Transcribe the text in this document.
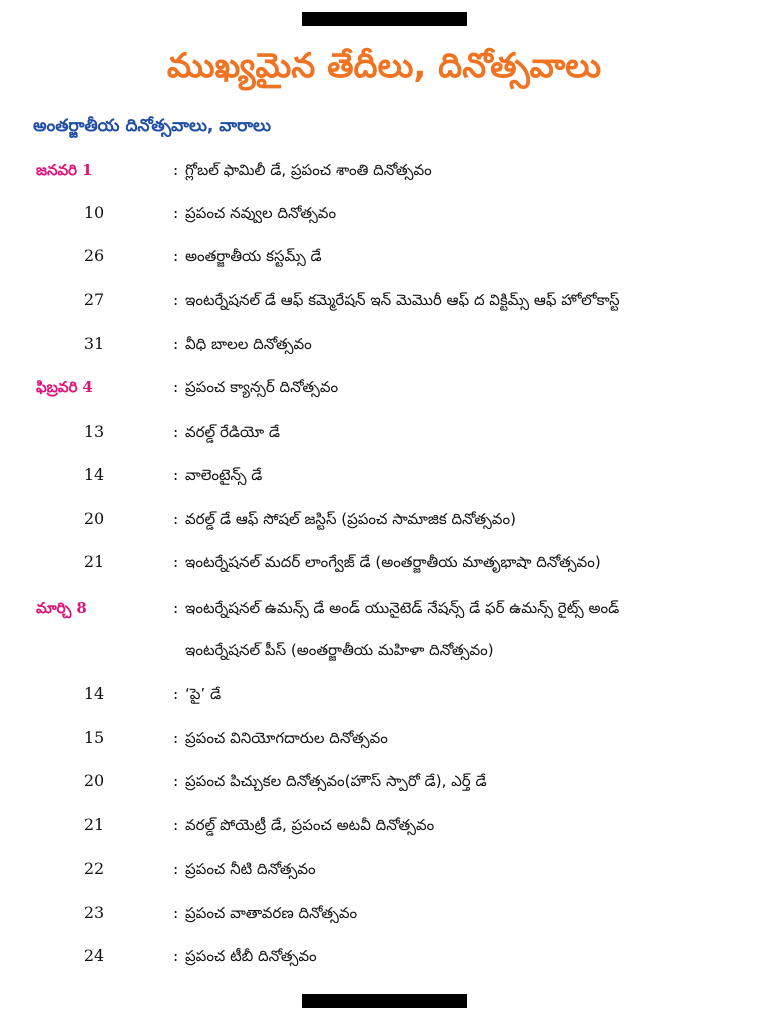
ముఖ్యమైన తేదీలు, దినోత్సవాలు
అంతర్జాతీయ దినోత్సవాలు, వారాలు
జనవరి 1	: గ్లోబల్ ఫామిలీ డే, ప్రపంచ శాంతి దినోత్సవం
10	: ప్రపంచ నవ్వుల దినోత్సవం
26	: అంతర్జాతీయ కస్టమ్స్ డే
27	: ఇంటర్నేషనల్ డే ఆఫ్ కమ్మెరేషన్ ఇన్ మెమొరీ ఆఫ్ ద విక్టిమ్స్ ఆఫ్ హోలోకాస్ట్
31	: వీధి బాలల దినోత్సవం
ఫిబ్రవరి 4	: ప్రపంచ క్యాన్సర్ దినోత్సవం
13	: వరల్డ్ రేడియో డే
14	: వాలెంటైన్స్ డే
20	: వరల్డ్ డే ఆఫ్ సోషల్ జస్టిస్ (ప్రపంచ సామాజిక దినోత్సవం)
21	: ఇంటర్నేషనల్ మదర్ లాంగ్వేజ్ డే (అంతర్జాతీయ మాతృభాషా దినోత్సవం)
మార్చి 8	: ఇంటర్నేషనల్ ఉమన్స్ డే అండ్ యునైటెడ్ నేషన్స్ డే ఫర్ ఉమన్స్ రైట్స్ అండ్
ఇంటర్నేషనల్ పీస్ (అంతర్జాతీయ మహిళా దినోత్సవం)
14	: ‘పై’ డే
15	: ప్రపంచ వినియోగదారుల దినోత్సవం
20	: ప్రపంచ పిచ్చుకల దినోత్సవం(హౌస్ స్పారో డే), ఎర్త్ డే
21	: వరల్డ్ పోయెట్రీ డే, ప్రపంచ అటవీ దినోత్సవం
22	: ప్రపంచ నీటి దినోత్సవం
23	: ప్రపంచ వాతావరణ దినోత్సవం
24	: ప్రపంచ టీబీ దినోత్సవం
